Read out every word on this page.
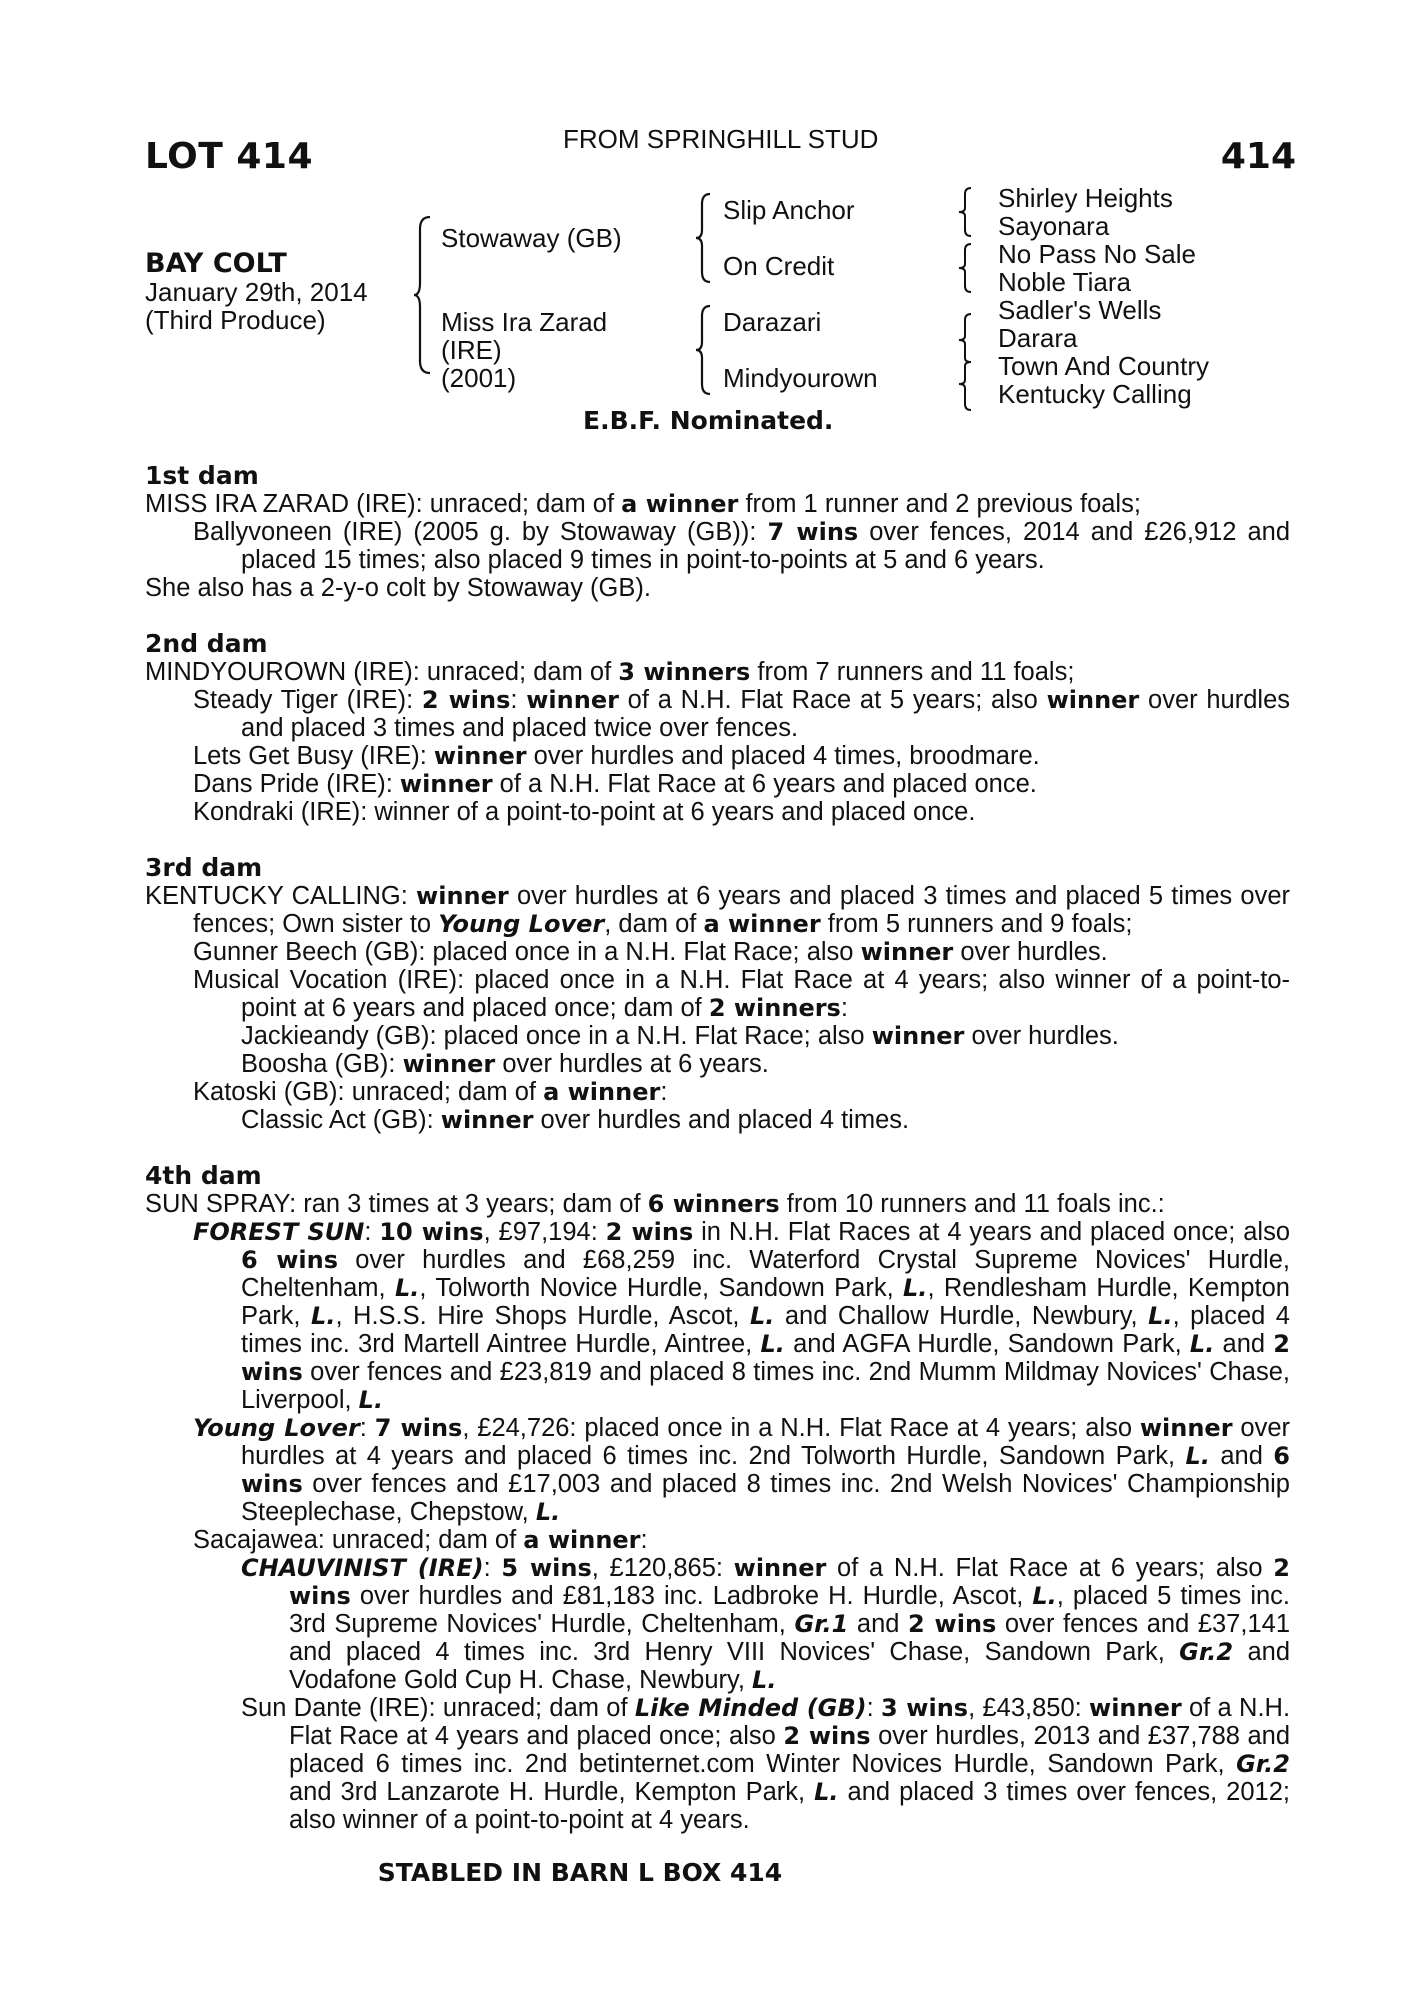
LOT 414	FROM SPRINGHILL STUD	414
BAY COLT
January 29th, 2014
(Third Produce)
Stowaway (GB)
Miss Ira Zarad
(IRE)
(2001)
Slip Anchor
On Credit
Darazari
Mindyourown
Shirley Heights
Sayonara
No Pass No Sale
Noble Tiara
Sadler's Wells
Darara
Town And Country
Kentucky Calling
E.B.F. Nominated.
1st dam
MISS IRA ZARAD (IRE): unraced; dam of a winner from 1 runner and 2 previous foals;
Ballyvoneen (IRE) (2005 g. by Stowaway (GB)): 7 wins over fences, 2014 and £26,912 and placed 15 times; also placed 9 times in point-to-points at 5 and 6 years.
She also has a 2-y-o colt by Stowaway (GB).
2nd dam
MINDYOUROWN (IRE): unraced; dam of 3 winners from 7 runners and 11 foals;
Steady Tiger (IRE): 2 wins: winner of a N.H. Flat Race at 5 years; also winner over hurdles and placed 3 times and placed twice over fences.
Lets Get Busy (IRE): winner over hurdles and placed 4 times, broodmare.
Dans Pride (IRE): winner of a N.H. Flat Race at 6 years and placed once.
Kondraki (IRE): winner of a point-to-point at 6 years and placed once.
3rd dam
KENTUCKY CALLING: winner over hurdles at 6 years and placed 3 times and placed 5 times over fences; Own sister to Young Lover, dam of a winner from 5 runners and 9 foals;
Gunner Beech (GB): placed once in a N.H. Flat Race; also winner over hurdles.
Musical Vocation (IRE): placed once in a N.H. Flat Race at 4 years; also winner of a point-to-point at 6 years and placed once; dam of 2 winners:
Jackieandy (GB): placed once in a N.H. Flat Race; also winner over hurdles.
Boosha (GB): winner over hurdles at 6 years.
Katoski (GB): unraced; dam of a winner:
Classic Act (GB): winner over hurdles and placed 4 times.
4th dam
SUN SPRAY: ran 3 times at 3 years; dam of 6 winners from 10 runners and 11 foals inc.:
FOREST SUN: 10 wins, £97,194: 2 wins in N.H. Flat Races at 4 years and placed once; also 6 wins over hurdles and £68,259 inc. Waterford Crystal Supreme Novices' Hurdle, Cheltenham, L., Tolworth Novice Hurdle, Sandown Park, L., Rendlesham Hurdle, Kempton Park, L., H.S.S. Hire Shops Hurdle, Ascot, L. and Challow Hurdle, Newbury, L., placed 4 times inc. 3rd Martell Aintree Hurdle, Aintree, L. and AGFA Hurdle, Sandown Park, L. and 2 wins over fences and £23,819 and placed 8 times inc. 2nd Mumm Mildmay Novices' Chase, Liverpool, L.
Young Lover: 7 wins, £24,726: placed once in a N.H. Flat Race at 4 years; also winner over hurdles at 4 years and placed 6 times inc. 2nd Tolworth Hurdle, Sandown Park, L. and 6 wins over fences and £17,003 and placed 8 times inc. 2nd Welsh Novices' Championship Steeplechase, Chepstow, L.
Sacajawea: unraced; dam of a winner:
CHAUVINIST (IRE): 5 wins, £120,865: winner of a N.H. Flat Race at 6 years; also 2 wins over hurdles and £81,183 inc. Ladbroke H. Hurdle, Ascot, L., placed 5 times inc. 3rd Supreme Novices' Hurdle, Cheltenham, Gr.1 and 2 wins over fences and £37,141 and placed 4 times inc. 3rd Henry VIII Novices' Chase, Sandown Park, Gr.2 and Vodafone Gold Cup H. Chase, Newbury, L.
Sun Dante (IRE): unraced; dam of Like Minded (GB): 3 wins, £43,850: winner of a N.H. Flat Race at 4 years and placed once; also 2 wins over hurdles, 2013 and £37,788 and placed 6 times inc. 2nd betinternet.com Winter Novices Hurdle, Sandown Park, Gr.2 and 3rd Lanzarote H. Hurdle, Kempton Park, L. and placed 3 times over fences, 2012; also winner of a point-to-point at 4 years.
STABLED IN BARN L BOX 414
